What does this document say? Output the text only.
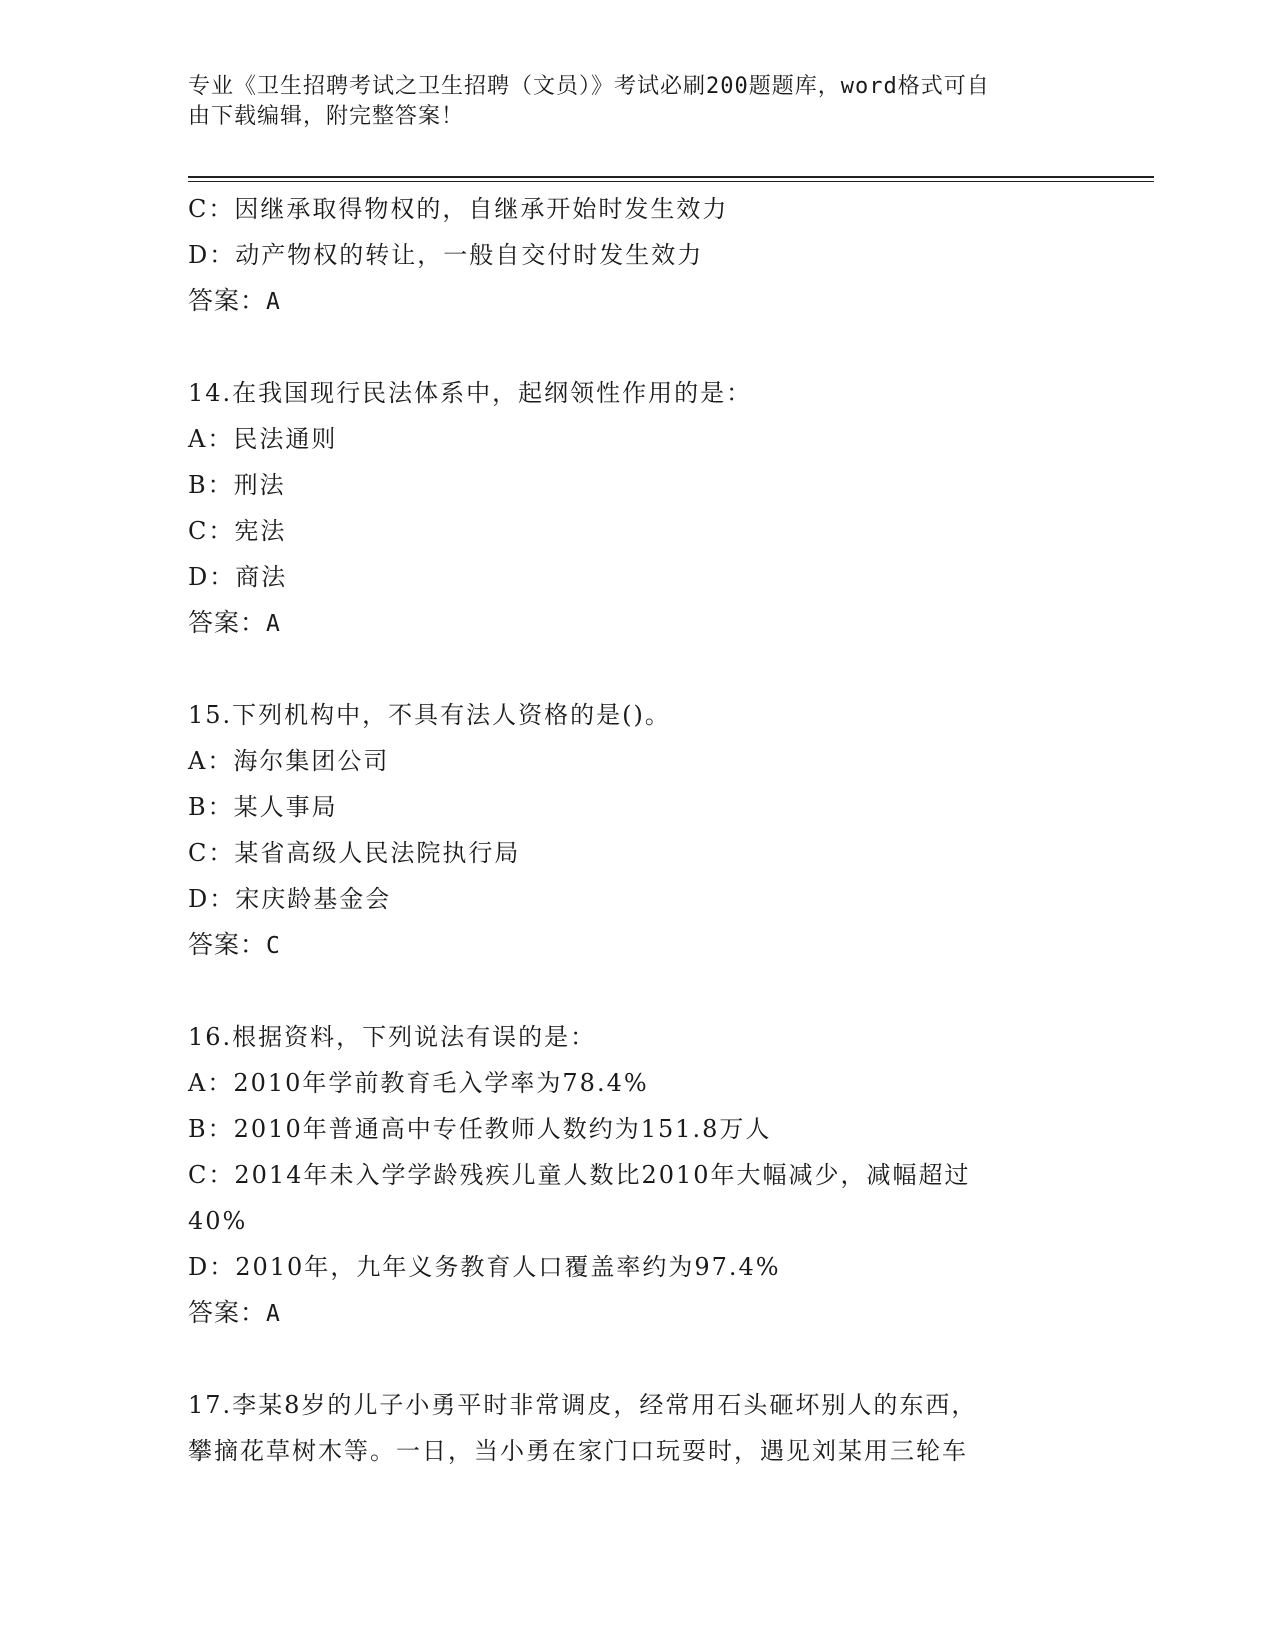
专业《卫生招聘考试之卫生招聘（文员）》考试必刷200题题库，word格式可自
由下载编辑，附完整答案！
C：因继承取得物权的，自继承开始时发生效力
D：动产物权的转让，一般自交付时发生效力
答案：A
14.在我国现行民法体系中，起纲领性作用的是：
A：民法通则
B：刑法
C：宪法
D：商法
答案：A
15.下列机构中，不具有法人资格的是()。
A：海尔集团公司
B：某人事局
C：某省高级人民法院执行局
D：宋庆龄基金会
答案：C
16.根据资料，下列说法有误的是：
A：2010年学前教育毛入学率为78.4%
B：2010年普通高中专任教师人数约为151.8万人
C：2014年未入学学龄残疾儿童人数比2010年大幅减少，减幅超过
40%
D：2010年，九年义务教育人口覆盖率约为97.4%
答案：A
17.李某8岁的儿子小勇平时非常调皮，经常用石头砸坏别人的东西，
攀摘花草树木等。一日，当小勇在家门口玩耍时，遇见刘某用三轮车
